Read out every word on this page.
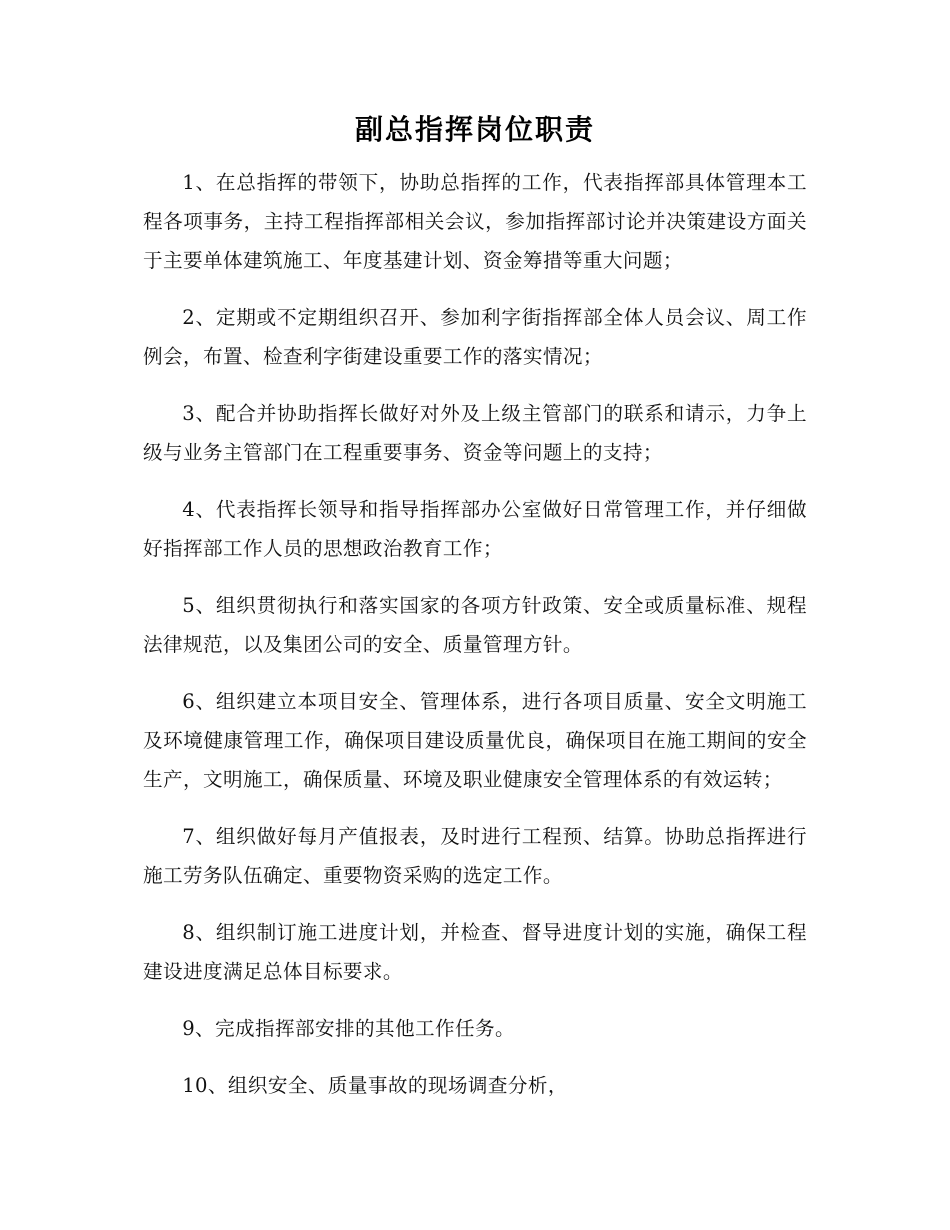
副总指挥岗位职责

1、在总指挥的带领下，协助总指挥的工作，代表指挥部具体管理本工程各项事务，主持工程指挥部相关会议，参加指挥部讨论并决策建设方面关于主要单体建筑施工、年度基建计划、资金筹措等重大问题；

2、定期或不定期组织召开、参加利字街指挥部全体人员会议、周工作例会，布置、检查利字街建设重要工作的落实情况；

3、配合并协助指挥长做好对外及上级主管部门的联系和请示，力争上级与业务主管部门在工程重要事务、资金等问题上的支持；

4、代表指挥长领导和指导指挥部办公室做好日常管理工作，并仔细做好指挥部工作人员的思想政治教育工作；

5、组织贯彻执行和落实国家的各项方针政策、安全或质量标准、规程法律规范，以及集团公司的安全、质量管理方针。

6、组织建立本项目安全、管理体系，进行各项目质量、安全文明施工及环境健康管理工作，确保项目建设质量优良，确保项目在施工期间的安全生产，文明施工，确保质量、环境及职业健康安全管理体系的有效运转；

7、组织做好每月产值报表，及时进行工程预、结算。协助总指挥进行施工劳务队伍确定、重要物资采购的选定工作。

8、组织制订施工进度计划，并检查、督导进度计划的实施，确保工程建设进度满足总体目标要求。

9、完成指挥部安排的其他工作任务。

10、组织安全、质量事故的现场调查分析，
